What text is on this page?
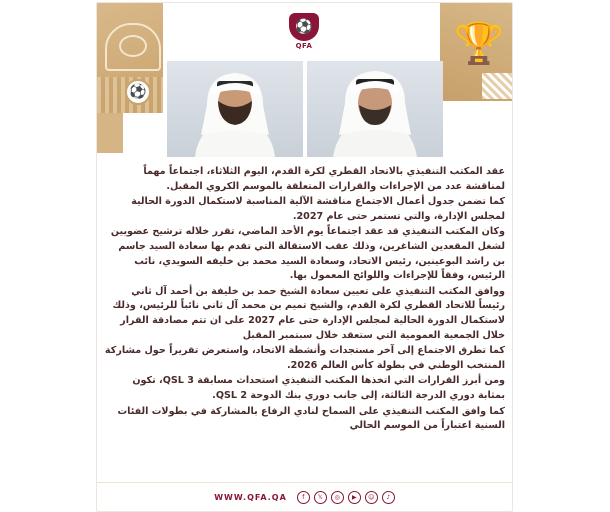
⚽
🏆
⚽
QFA

عقد المكتب التنفيذي بالاتحاد القطري لكرة القدم، اليوم الثلاثاء، اجتماعاً مهماً لمناقشة عدد من الإجراءات والقرارات المتعلقة بالموسم الكروي المقبل.

كما تضمن جدول أعمال الاجتماع مناقشة الآلية المناسبة لاستكمال الدورة الحالية لمجلس الإدارة، والتي تستمر حتى عام 2027.

وكان المكتب التنفيذي قد عقد اجتماعاً يوم الأحد الماضي، تقرر خلاله ترشيح عضويين لشغل المقعدين الشاغرين، وذلك عقب الاستقالة التي تقدم بها سعادة السيد جاسم بن راشد البوعينين، رئيس الاتحاد، وسعادة السيد محمد بن خليفه السويدي، نائب الرئيس، وفقاً للإجراءات واللوائح المعمول بها.

ووافق المكتب التنفيذي على تعيين سعادة الشيخ حمد بن خليفة بن أحمد آل ثاني رئيساً للاتحاد القطري لكرة القدم، والشيخ تميم بن محمد آل ثاني نائباً للرئيس، وذلك لاستكمال الدورة الحالية لمجلس الإدارة حتى عام 2027 على ان تتم مصادقة القرار خلال الجمعية العمومية التي ستعقد خلال سبتمبر المقبل

كما تطرق الاجتماع إلى آخر مستجدات وأنشطة الاتحاد، واستعرض تقريراً حول مشاركة المنتخب الوطني في بطولة كأس العالم 2026.

ومن أبرز القرارات التي اتخذها المكتب التنفيذي استحداث مسابقة QSL 3، تكون بمثابة دوري الدرجة الثالثة، إلى جانب دوري بنك الدوحة QSL 2.

كما وافق المكتب التنفيذي على السماح لنادي الرفاع بالمشاركة في بطولات الفئات السنية اعتباراً من الموسم الحالي

WWW.QFA.QA	f	𝕏	◎	▶	☺	♪
